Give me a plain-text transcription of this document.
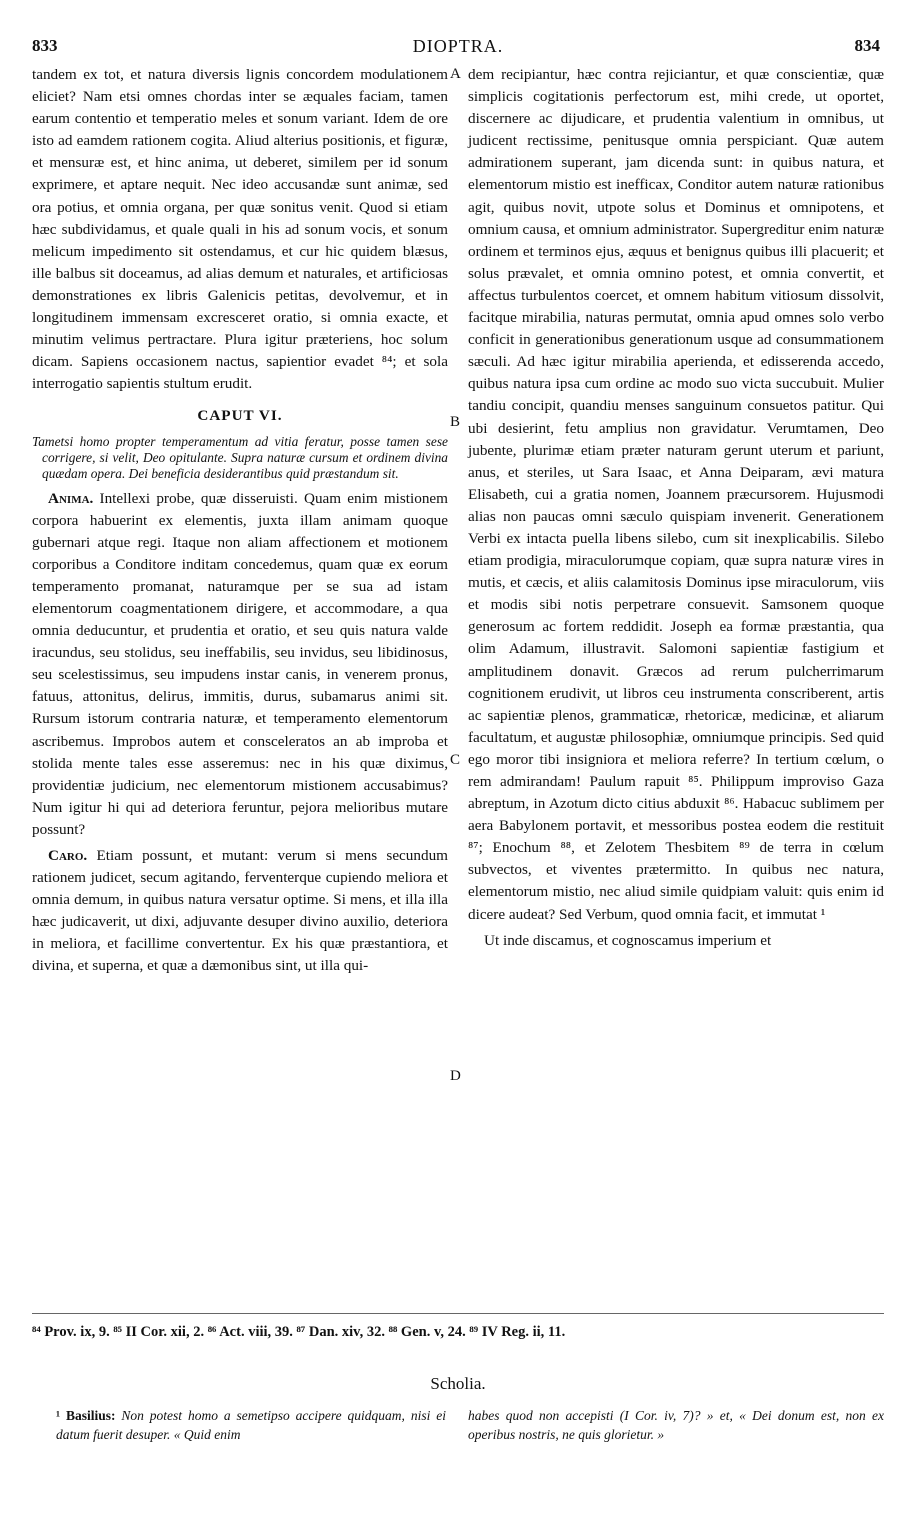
833	DIOPTRA.	834

tandem ex tot, et natura diversis lignis concordem modulationem eliciet? Nam etsi omnes chordas inter se æquales faciam, tamen earum contentio et temperatio meles et sonum variant. Idem de ore isto ad eamdem rationem cogita. Aliud alterius positionis, et figuræ, et mensuræ est, et hinc anima, ut deberet, similem per id sonum exprimere, et aptare nequit. Nec ideo accusandæ sunt animæ, sed ora potius, et omnia organa, per quæ sonitus venit. Quod si etiam hæc subdividamus, et quale quali in his ad sonum vocis, et sonum melicum impedimento sit ostendamus, et cur hic quidem blæsus, ille balbus sit doceamus, ad alias demum et naturales, et artificiosas demonstrationes ex libris Galenicis petitas, devolvemur, et in longitudinem immensam excresceret oratio, si omnia exacte, et minutim velimus pertractare. Plura igitur præteriens, hoc solum dicam. Sapiens occasionem nactus, sapientior evadet ⁸⁴; et sola interrogatio sapientis stultum erudit.

CAPUT VI.
Tametsi homo propter temperamentum ad vitia feratur, posse tamen sese corrigere, si velit, Deo opitulante. Supra naturæ cursum et ordinem divina quædam opera. Dei beneficia desiderantibus quid præstandum sit.

Anima. Intellexi probe, quæ disseruisti. Quam enim mistionem corpora habuerint ex elementis, juxta illam animam quoque gubernari atque regi. Itaque non aliam affectionem et motionem corporibus a Conditore inditam concedemus, quam quæ ex eorum temperamento promanat, naturamque per se sua ad istam elementorum coagmentationem dirigere, et accommodare, a qua omnia deducuntur, et prudentia et oratio, et seu quis natura valde iracundus, seu stolidus, seu ineffabilis, seu invidus, seu libidinosus, seu scelestissimus, seu impudens instar canis, in venerem pronus, fatuus, attonitus, delirus, immitis, durus, subamarus animi sit. Rursum istorum contraria naturæ, et temperamento elementorum ascribemus. Improbos autem et consceleratos an ab improba et stolida mente tales esse asseremus: nec in his quæ diximus, providentiæ judicium, nec elementorum mistionem accusabimus? Num igitur hi qui ad deteriora feruntur, pejora melioribus mutare possunt?

Caro. Etiam possunt, et mutant: verum si mens secundum rationem judicet, secum agitando, ferventerque cupiendo meliora et omnia demum, in quibus natura versatur optime. Si mens, et illa illa hæc judicaverit, ut dixi, adjuvante desuper divino auxilio, deteriora in meliora, et facillime convertentur. Ex his quæ præstantiora, et divina, et superna, et quæ a dæmonibus sint, ut illa qui-

A
B
C
D

dem recipiantur, hæc contra rejiciantur, et quæ conscientiæ, quæ simplicis cogitationis perfectorum est, mihi crede, ut oportet, discernere ac dijudicare, et prudentia valentium in omnibus, ut judicent rectissime, penitusque omnia perspiciant. Quæ autem admirationem superant, jam dicenda sunt: in quibus natura, et elementorum mistio est inefficax, Conditor autem naturæ rationibus agit, quibus novit, utpote solus et Dominus et omnipotens, et omnium causa, et omnium administrator. Supergreditur enim naturæ ordinem et terminos ejus, æquus et benignus quibus illi placuerit; et solus prævalet, et omnia omnino potest, et omnia convertit, et affectus turbulentos coercet, et omnem habitum vitiosum dissolvit, facitque mirabilia, naturas permutat, omnia apud omnes solo verbo conficit in generationibus generationum usque ad consummationem sæculi. Ad hæc igitur mirabilia aperienda, et edisserenda accedo, quibus natura ipsa cum ordine ac modo suo victa succubuit. Mulier tandiu concipit, quandiu menses sanguinum consuetos patitur. Qui ubi desierint, fetu amplius non gravidatur. Verumtamen, Deo jubente, plurimæ etiam præter naturam gerunt uterum et pariunt, anus, et steriles, ut Sara Isaac, et Anna Deiparam, ævi matura Elisabeth, cui a gratia nomen, Joannem præcursorem. Hujusmodi alias non paucas omni sæculo quispiam invenerit. Generationem Verbi ex intacta puella libens silebo, cum sit inexplicabilis. Silebo etiam prodigia, miraculorumque copiam, quæ supra naturæ vires in mutis, et cæcis, et aliis calamitosis Dominus ipse miraculorum, viis et modis sibi notis perpetrare consuevit. Samsonem quoque generosum ac fortem reddidit. Joseph ea formæ præstantia, qua olim Adamum, illustravit. Salomoni sapientiæ fastigium et amplitudinem donavit. Græcos ad rerum pulcherrimarum cognitionem erudivit, ut libros ceu instrumenta conscriberent, artis ac sapientiæ plenos, grammaticæ, rhetoricæ, medicinæ, et aliarum facultatum, et augustæ philosophiæ, omniumque principis. Sed quid ego moror tibi insigniora et meliora referre? In tertium cœlum, o rem admirandam! Paulum rapuit ⁸⁵. Philippum improviso Gaza abreptum, in Azotum dicto citius abduxit ⁸⁶. Habacuc sublimem per aera Babylonem portavit, et messoribus postea eodem die restituit ⁸⁷; Enochum ⁸⁸, et Zelotem Thesbitem ⁸⁹ de terra in cœlum subvectos, et viventes prætermitto. In quibus nec natura, elementorum mistio, nec aliud simile quidpiam valuit: quis enim id dicere audeat? Sed Verbum, quod omnia facit, et immutat ¹

Ut inde discamus, et cognoscamus imperium et

⁸⁴ Prov. ix, 9. ⁸⁵ II Cor. xii, 2. ⁸⁶ Act. viii, 39. ⁸⁷ Dan. xiv, 32. ⁸⁸ Gen. v, 24. ⁸⁹ IV Reg. ii, 11.
Scholia.
¹ Basilius: Non potest homo a semetipso accipere quidquam, nisi ei datum fuerit desuper. « Quid enim
habes quod non accepisti (I Cor. iv, 7)? » et, « Dei donum est, non ex operibus nostris, ne quis glorietur. »
